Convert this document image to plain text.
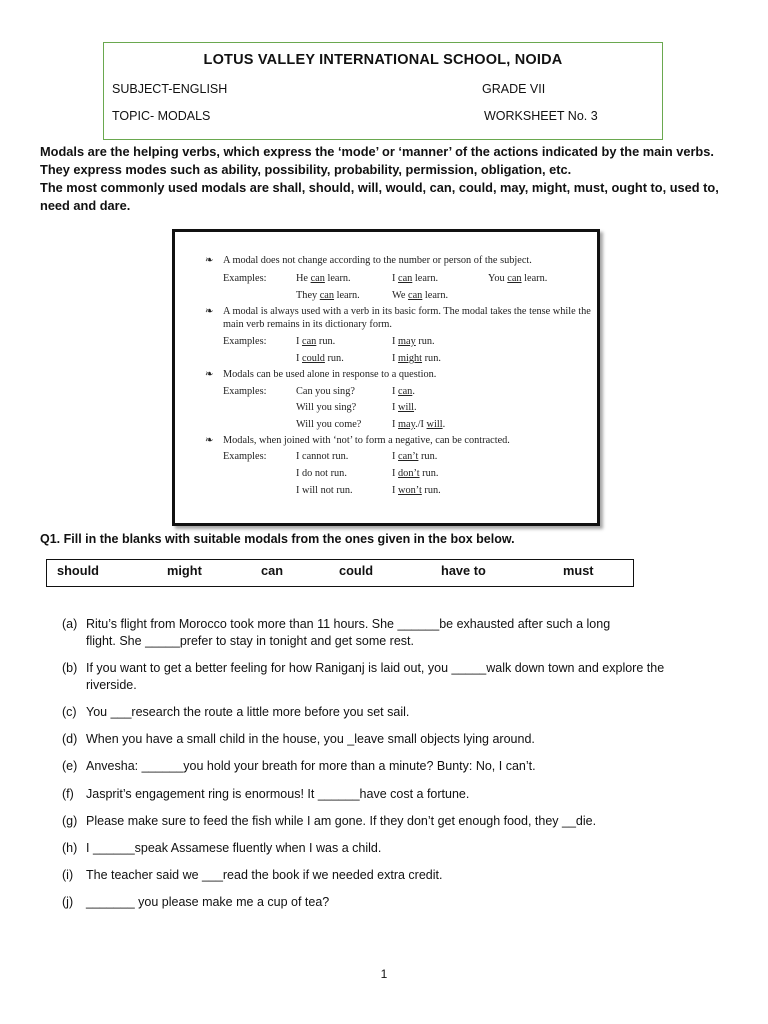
LOTUS VALLEY INTERNATIONAL SCHOOL, NOIDA
SUBJECT-ENGLISH	GRADE VII
TOPIC- MODALS	WORKSHEET No. 3

Modals are the helping verbs, which express the ‘mode’ or ‘manner’ of the actions indicated by the main verbs. They express modes such as ability, possibility, probability, permission, obligation, etc.

The most commonly used modals are shall, should, will, would, can, could, may, might, must, ought to, used to, need and dare.

❧ A modal does not change according to the number or person of the subject.
Examples:	He can learn.	I can learn.	You can learn.
They can learn.	We can learn.
❧ A modal is always used with a verb in its basic form. The modal takes the tense while the main verb remains in its dictionary form.
Examples:	I can run.	I may run.
I could run.	I might run.
❧ Modals can be used alone in response to a question.
Examples:	Can you sing?	I can.
Will you sing?	I will.
Will you come?	I may./I will.
❧ Modals, when joined with ‘not’ to form a negative, can be contracted.
Examples:	I cannot run.	I can’t run.
I do not run.	I don’t run.
I will not run.	I won’t run.
Q1. Fill in the blanks with suitable modals from the ones given in the box below.
should	might	can	could	have to	must
(a) Ritu’s flight from Morocco took more than 11 hours. She ______be exhausted after such a long
flight. She _____prefer to stay in tonight and get some rest.
(b) If you want to get a better feeling for how Raniganj is laid out, you _____walk down town and explore the
riverside.
(c) You ___research the route a little more before you set sail.
(d) When you have a small child in the house, you _leave small objects lying around.
(e) Anvesha: ______you hold your breath for more than a minute? Bunty: No, I can’t.
(f) Jasprit’s engagement ring is enormous! It ______have cost a fortune.
(g) Please make sure to feed the fish while I am gone. If they don’t get enough food, they __die.
(h) I ______speak Assamese fluently when I was a child.
(i) The teacher said we ___read the book if we needed extra credit.
(j) _______ you please make me a cup of tea?
1
